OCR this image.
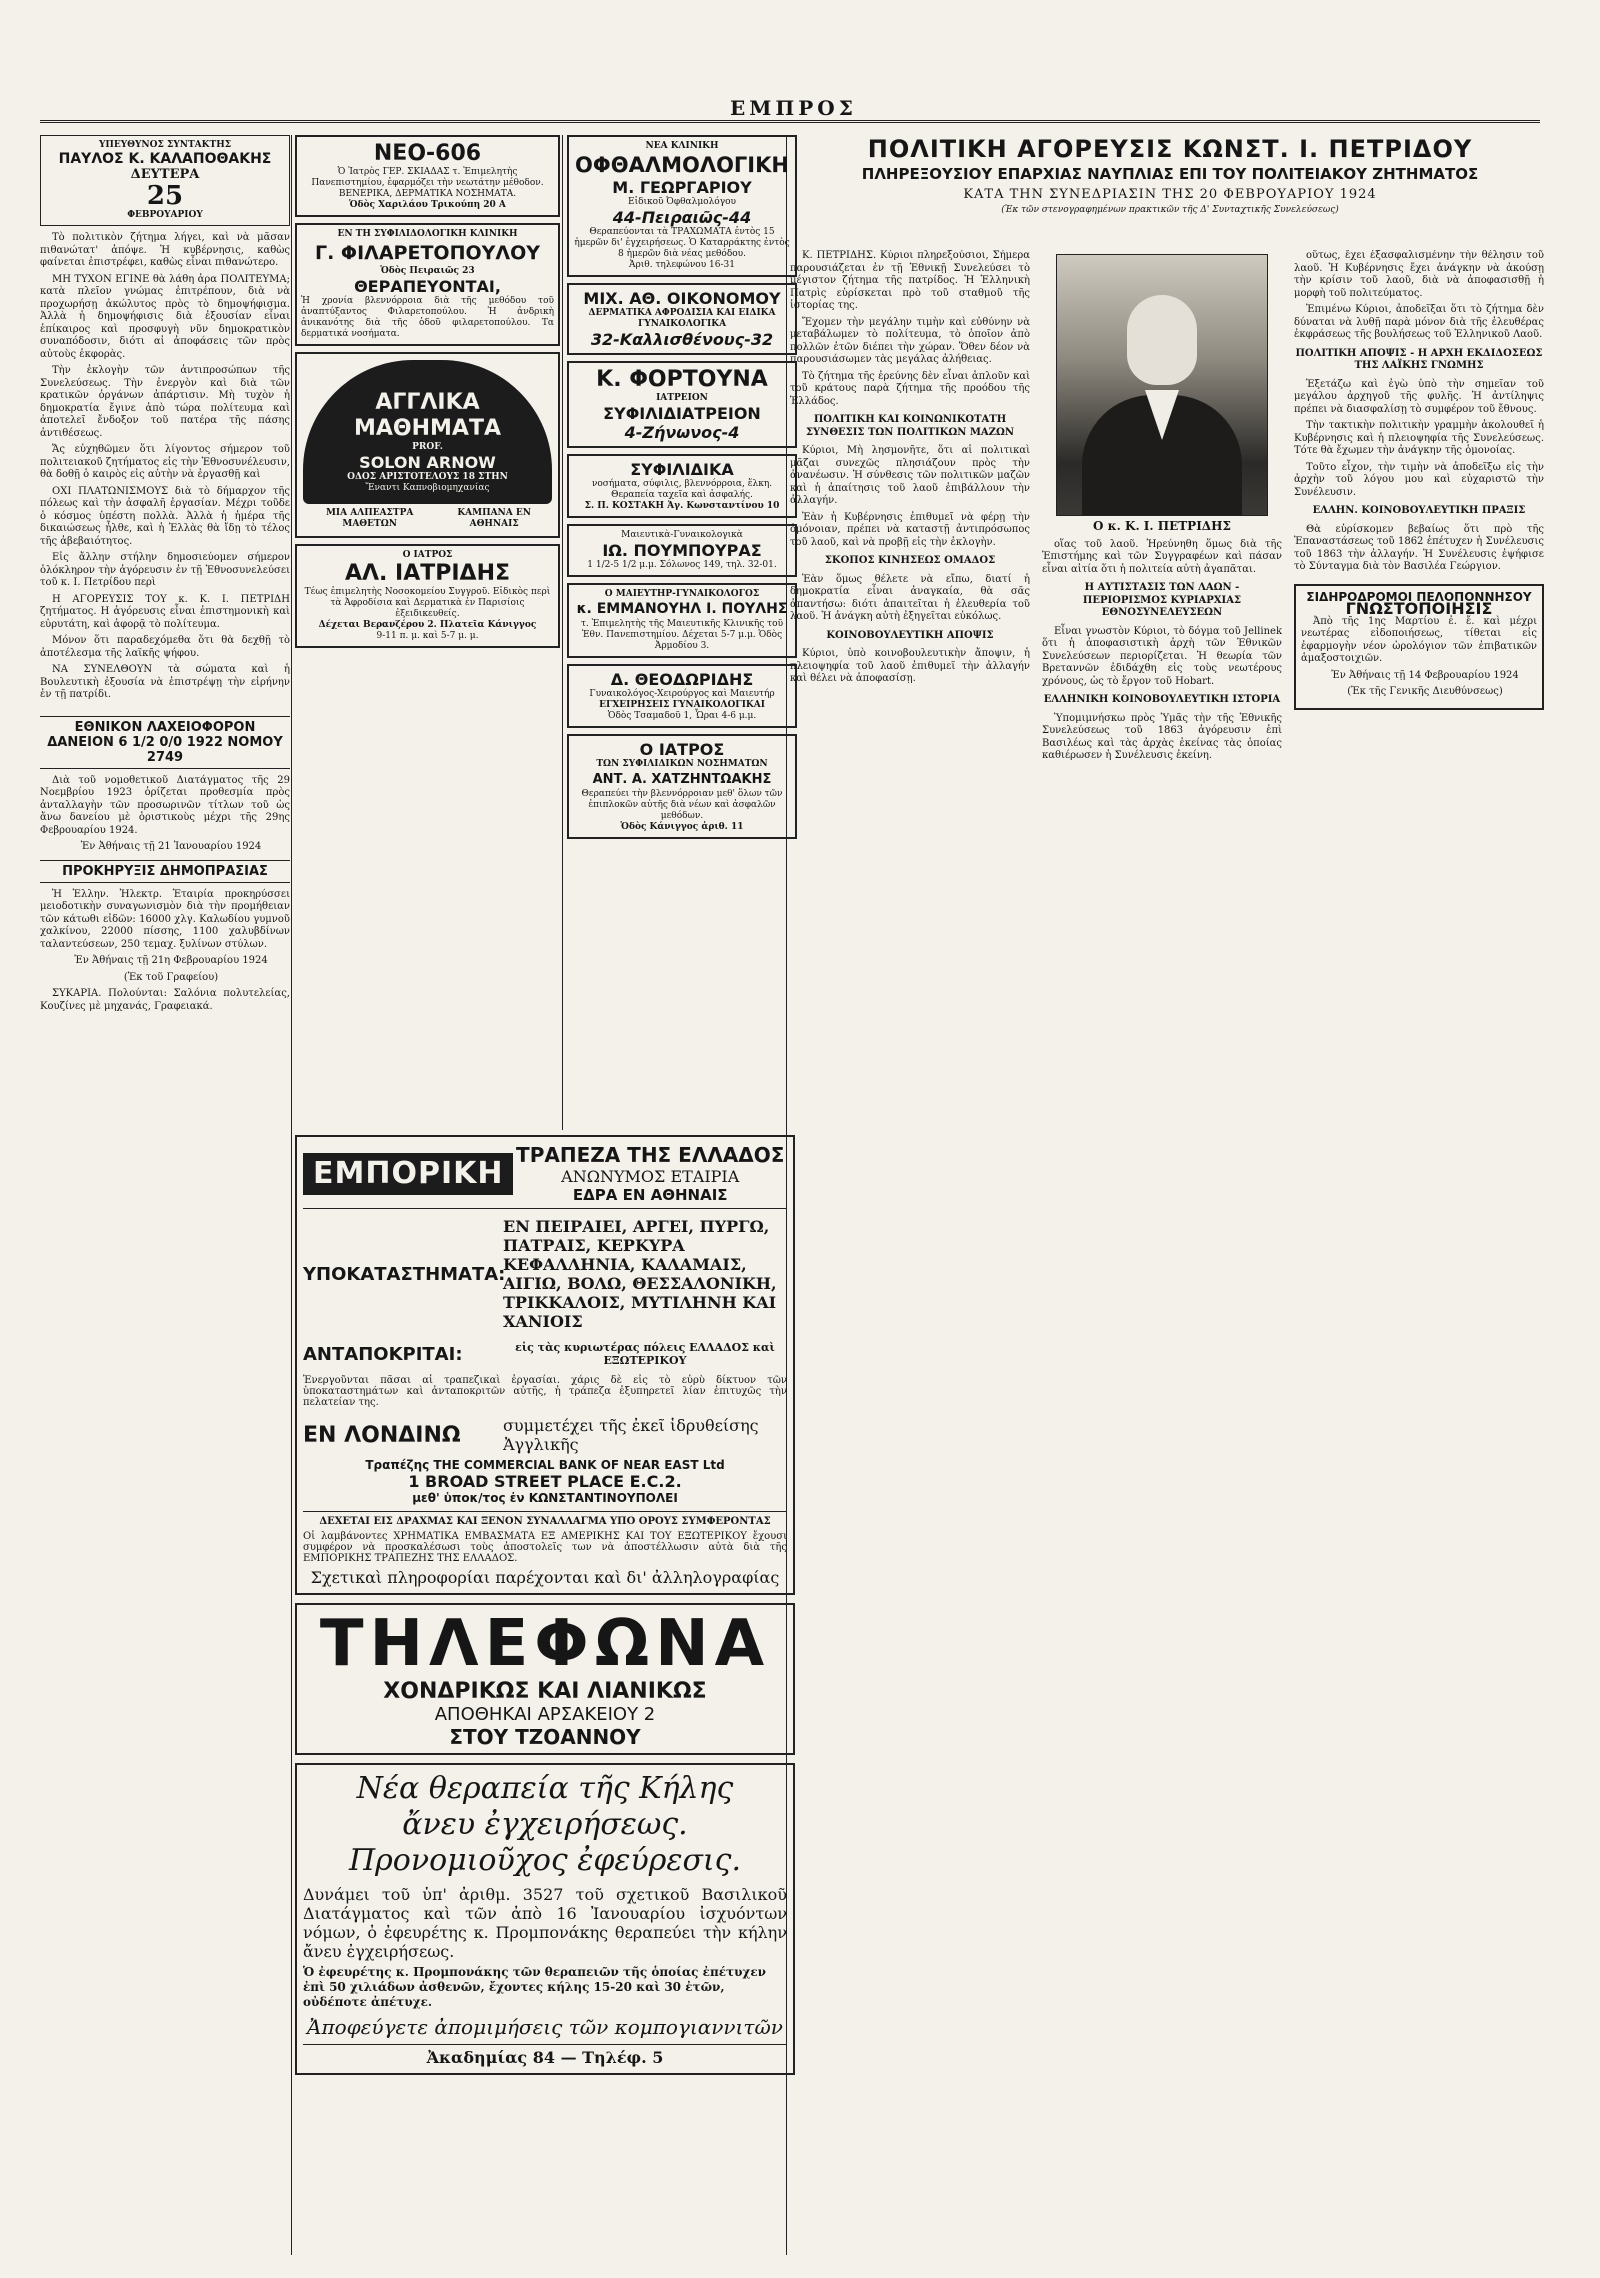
ΕΜΠΡΟΣ
ΥΠΕΥΘΥΝΟΣ ΣΥΝΤΑΚΤΗΣ
ΠΑΥΛΟΣ Κ. ΚΑΛΑΠΟΘΑΚΗΣ
ΔΕΥΤΕΡΑ
25
ΦΕΒΡΟΥΑΡΙΟΥ

Τὸ πολιτικὸν ζήτημα λήγει, καὶ νὰ μᾶσαν πιθανώτατ' ἀπόψε. Ἡ κυβέρνησις, καθὼς φαίνεται ἐπιστρέφει, καθὼς εἶναι πιθανώτερο.

ΜΗ ΤΥΧΟΝ ΕΓΙΝΕ θὰ λάθη ἀρα ΠΟΛΙΤΕΥΜΑ; κατὰ πλεῖον γνώμας ἐπιτρέπουν, διὰ νὰ προχωρήσῃ ἀκώλυτος πρὸς τὸ δημοψήφισμα. Ἀλλὰ ἡ δημοψήφισις διὰ ἐξουσίαν εἶναι ἐπίκαιρος καὶ προσφυγὴ νῦν δημοκρατικὸν συναπόδοσιν, διότι αἱ ἀποφάσεις τῶν πρὸς αὐτοὺς ἐκφορὰς.

Τὴν ἐκλογὴν τῶν ἀντιπροσώπων τῆς Συνελεύσεως. Τὴν ἐνεργὸν καὶ διὰ τῶν κρατικῶν ὀργάνων ἀπάρτισιν. Μὴ τυχὸν ἡ δημοκρατία ἔγινε ἀπὸ τώρα πολίτευμα καὶ ἀποτελεῖ ἔνδοξον τοῦ πατέρα τῆς πάσης ἀντιθέσεως.

Ἄς εὐχηθῶμεν ὅτι λίγοντος σήμερον τοῦ πολιτειακοῦ ζητήματος εἰς τὴν Ἐθνοσυνέλευσιν, θὰ δοθῇ ὁ καιρὸς εἰς αὐτὴν νὰ ἐργασθῇ καὶ

ΟΧΙ ΠΛΑΤΩΝΙΣΜΟΥΣ διὰ τὸ δήμαρχον τῆς πόλεως καὶ τὴν ἀσφαλῆ ἐργασίαν. Μέχρι τοῦδε ὁ κόσμος ὑπέστη πολλὰ. Ἀλλὰ ἡ ἡμέρα τῆς δικαιώσεως ἦλθε, καὶ ἡ Ἑλλὰς θὰ ἴδῃ τὸ τέλος τῆς ἀβεβαιότητος.

Εἰς ἄλλην στήλην δημοσιεύομεν σήμερον ὁλόκληρον τὴν ἀγόρευσιν ἐν τῇ Ἐθνοσυνελεύσει τοῦ κ. Ι. Πετρίδου περὶ

Η ΑΓΟΡΕΥΣΙΣ ΤΟΥ κ. Κ. Ι. ΠΕΤΡΙΔΗ ζητήματος. Η ἀγόρευσις εἶναι ἐπιστημονικὴ καὶ εὐρυτάτη, καὶ ἀφορᾷ τὸ πολίτευμα.

Μόνον ὅτι παραδεχόμεθα ὅτι θὰ δεχθῇ τὸ ἀποτέλεσμα τῆς λαϊκῆς ψήφου.

ΝΑ ΣΥΝΕΛΘΟΥΝ τὰ σώματα καὶ ἡ Βουλευτικὴ ἐξουσία νὰ ἐπιστρέψῃ τὴν εἰρήνην ἐν τῇ πατρίδι.

ΕΘΝΙΚΟΝ ΛΑΧΕΙΟΦΟΡΟΝ
ΔΑΝΕΙΟΝ 6 1/2 0/0 1922 ΝΟΜΟΥ 2749

Διὰ τοῦ νομοθετικοῦ Διατάγματος τῆς 29 Νοεμβρίου 1923 ὁρίζεται προθεσμία πρὸς ἀνταλλαγὴν τῶν προσωρινῶν τίτλων τοῦ ὡς ἄνω δανείου μὲ ὁριστικοὺς μέχρι τῆς 29ης Φεβρουαρίου 1924.

Ἐν Ἀθήναις τῇ 21 Ἰανουαρίου 1924

ΠΡΟΚΗΡΥΞΙΣ ΔΗΜΟΠΡΑΣΙΑΣ

Ἡ Ἑλλην. Ἠλεκτρ. Ἑταιρία προκηρύσσει μειοδοτικὴν συναγωνισμὸν διὰ τὴν προμήθειαν τῶν κάτωθι εἰδῶν: 16000 χλγ. Καλωδίου γυμνοῦ χαλκίνου, 22000 πίσσης, 1100 χαλυβδίνων ταλαντεύσεων, 250 τεμαχ. ξυλίνων στύλων.

Ἐν Ἀθήναις τῇ 21η Φεβρουαρίου 1924

(Ἐκ τοῦ Γραφείου)

ΣΥΚΑΡΙΑ. Πολούνται: Σαλόνια πολυτελείας, Κουζίνες μὲ μηχανάς, Γραφειακά.

ΝΕΟ-606
Ὁ Ἰατρὸς ΓΕΡ. ΣΚΙΑΔΑΣ τ. Ἐπιμελητὴς Πανεπιστημίου, ἐφαρμόζει τὴν νεωτάτην μέθοδον. ΒΕΝΕΡΙΚΑ, ΔΕΡΜΑΤΙΚΑ ΝΟΣΗΜΑΤΑ.
Ὁδὸς Χαριλάου Τρικούπη 20 Α
ΕΝ ΤΗ ΣΥΦΙΛΙΔΟΛΟΓΙΚΗ ΚΛΙΝΙΚΗ
Γ. ΦΙΛΑΡΕΤΟΠΟΥΛΟΥ
Ὁδὸς Πειραιῶς 23
ΘΕΡΑΠΕΥΟΝΤΑΙ,
Ἡ χρονία βλεννόρροια διὰ τῆς μεθόδου τοῦ ἀναπτύξαντος Φιλαρετοπούλου. Ἡ ἀνδρικὴ ἀνικανότης διὰ τῆς ὁδοῦ φιλαρετοπούλου. Τα δερματικά νοσήματα.
ΑΓΓΛΙΚΑ ΜΑΘΗΜΑΤΑ
PROF.
SOLON ARNOW
ΟΔΟΣ ΑΡΙΣΤΟΤΕΛΟΥΣ 18 ΣΤΗΝ
Ἔναντι Καπνοβιομηχανίας
ΜΙΑ ΑΛΠΕΑΣΤΡΑ ΜΑΘΕΤΩΝ
ΚΑΜΠΑΝΑ ΕΝ ΑΘΗΝΑΙΣ
Ο ΙΑΤΡΟΣ
ΑΛ. ΙΑΤΡΙΔΗΣ
Τέως ἐπιμελητὴς Νοσοκομείου Συγγροῦ. Εἰδικὸς περὶ τὰ Ἀφροδίσια καὶ Δερματικὰ ἐν Παρισίοις ἐξειδικευθείς.
Δέχεται Βερανζέρου 2. Πλατεῖα Κάνιγγος
9-11 π. μ. καὶ 5-7 μ. μ.
ΝΕΑ ΚΛΙΝΙΚΗ
ΟΦΘΑΛΜΟΛΟΓΙΚΗ
Μ. ΓΕΩΡΓΑΡΙΟΥ
Εἰδικοῦ Ὀφθαλμολόγου
44-Πειραιῶς-44
Θεραπεύονται τὰ ΤΡΑΧΩΜΑΤΑ ἐντὸς 15 ἡμερῶν δι' ἐγχειρήσεως. Ὁ Καταρράκτης ἐντὸς 8 ἡμερῶν διὰ νέας μεθόδου.
Ἀριθ. τηλεφώνου 16-31
ΜΙΧ. ΑΘ. ΟΙΚΟΝΟΜΟΥ
ΔΕΡΜΑΤΙΚΑ ΑΦΡΟΔΙΣΙΑ ΚΑΙ ΕΙΔΙΚΑ ΓΥΝΑΙΚΟΛΟΓΙΚΑ
32-Καλλισθένους-32
Κ. ΦΟΡΤΟΥΝΑ
ΙΑΤΡΕΙΟΝ
ΣΥΦΙΛΙΔΙΑΤΡΕΙΟΝ
4-Ζήνωνος-4
ΣΥΦΙΛΙΔΙΚΑ
νοσήματα, σύφιλις, βλεννόρροια, ἕλκη. Θεραπεία ταχεῖα καὶ ἀσφαλής.
Σ. Π. ΚΟΣΤΑΚΗ Ἀγ. Κωνσταντίνου 10
Μαιευτικὰ-Γυναικολογικὰ
ΙΩ. ΠΟΥΜΠΟΥΡΑΣ
1 1/2-5 1/2 μ.μ. Σόλωνος 149, τηλ. 32-01.
Ο ΜΑΙΕΥΤΗΡ-ΓΥΝΑΙΚΟΛΟΓΟΣ
κ. ΕΜΜΑΝΟΥΗΛ Ι. ΠΟΥΛΗΣ
τ. Ἐπιμελητὴς τῆς Μαιευτικῆς Κλινικῆς τοῦ Ἐθν. Πανεπιστημίου. Δέχεται 5-7 μ.μ. Ὁδὸς Ἀρμοδίου 3.
Δ. ΘΕΟΔΩΡΙΔΗΣ
Γυναικολόγος-Χειρούργος καὶ Μαιευτήρ
ΕΓΧΕΙΡΗΣΕΙΣ ΓΥΝΑΙΚΟΛΟΓΙΚΑΙ
Ὁδὸς Τσαμαδοῦ 1, Ὧραι 4-6 μ.μ.
Ο ΙΑΤΡΟΣ
ΤΩΝ ΣΥΦΙΛΙΔΙΚΩΝ ΝΟΣΗΜΑΤΩΝ
ΑΝΤ. Α. ΧΑΤΖΗΝΤΩΑΚΗΣ
Θεραπεύει τὴν βλεννόρροιαν μεθ' ὅλων τῶν ἐπιπλοκῶν αὐτῆς διὰ νέων καὶ ἀσφαλῶν μεθόδων.
Ὁδὸς Κάνιγγος ἀριθ. 11
ΕΜΠΟΡΙΚΗ
ΤΡΑΠΕΖΑ ΤΗΣ ΕΛΛΑΔΟΣ
ΑΝΩΝΥΜΟΣ ΕΤΑΙΡΙΑ
ΕΔΡΑ ΕΝ ΑΘΗΝΑΙΣ
ΥΠΟΚΑΤΑΣΤΗΜΑΤΑ:
ΕΝ ΠΕΙΡΑΙΕΙ, ΑΡΓΕΙ, ΠΥΡΓΩ, ΠΑΤΡΑΙΣ, ΚΕΡΚΥΡΑ ΚΕΦΑΛΛΗΝΙΑ, ΚΑΛΑΜΑΙΣ, ΑΙΓΙΩ, ΒΟΛΩ, ΘΕΣΣΑΛΟΝΙΚΗ, ΤΡΙΚΚΑΛΟΙΣ, ΜΥΤΙΛΗΝΗ ΚΑΙ ΧΑΝΙΟΙΣ
ΑΝΤΑΠΟΚΡΙΤΑΙ:	εἰς τὰς κυριωτέρας πόλεις ΕΛΛΑΔΟΣ καὶ ΕΞΩΤΕΡΙΚΟΥ
Ἐνεργοῦνται πᾶσαι αἱ τραπεζικαὶ ἐργασίαι. χάρις δὲ εἰς τὸ εὐρὺ δίκτυον τῶν ὑποκαταστημάτων καὶ ἀνταποκριτῶν αὐτῆς, ἡ τράπεζα ἐξυπηρετεῖ λίαν ἐπιτυχῶς τὴν πελατείαν της.
ΕΝ ΛΟΝΔΙΝΩ	συμμετέχει τῆς ἐκεῖ ἱδρυθείσης Ἀγγλικῆς
Τραπέζης THE COMMERCIAL BANK OF NEAR EAST Ltd
1 BROAD STREET PLACE E.C.2.
μεθ' ὑποκ/τος ἐν ΚΩΝΣΤΑΝΤΙΝΟΥΠΟΛΕΙ
ΔΕΧΕΤΑΙ ΕΙΣ ΔΡΑΧΜΑΣ ΚΑΙ ΞΕΝΟΝ ΣΥΝΑΛΛΑΓΜΑ ΥΠΟ ΟΡΟΥΣ ΣΥΜΦΕΡΟΝΤΑΣ
Οἱ λαμβάνοντες ΧΡΗΜΑΤΙΚΑ ΕΜΒΑΣΜΑΤΑ ΕΞ ΑΜΕΡΙΚΗΣ ΚΑΙ ΤΟΥ ΕΞΩΤΕΡΙΚΟΥ ἔχουσι συμφέρον νὰ προσκαλέσωσι τοὺς ἀποστολεῖς των νὰ ἀποστέλλωσιν αὐτὰ διὰ τῆς ΕΜΠΟΡΙΚΗΣ ΤΡΑΠΕΖΗΣ ΤΗΣ ΕΛΛΑΔΟΣ.
Σχετικαὶ πληροφορίαι παρέχονται καὶ δι' ἀλληλογραφίας
ΤΗΛΕΦΩΝΑ
ΧΟΝΔΡΙΚΩΣ ΚΑΙ ΛΙΑΝΙΚΩΣ
ΑΠΟΘΗΚΑΙ ΑΡΣΑΚΕΙΟΥ 2
ΣΤΟΥ ΤΖΟΑΝΝΟΥ
Νέα θεραπεία τῆς Κήλης
ἄνευ ἐγχειρήσεως.
Προνομιοῦχος ἐφεύρεσις.
Δυνάμει τοῦ ὑπ' ἀριθμ. 3527 τοῦ σχετικοῦ Βασιλικοῦ Διατάγματος καὶ τῶν ἀπὸ 16 Ἰανουαρίου ἰσχυόντων νόμων, ὁ ἐφευρέτης κ. Προμπονάκης θεραπεύει τὴν κήλην ἄνευ ἐγχειρήσεως.
Ὁ ἐφευρέτης κ. Προμπονάκης τῶν θεραπειῶν τῆς ὁποίας ἐπέτυχεν ἐπὶ 50 χιλιάδων ἀσθενῶν, ἔχοντες κήλης 15-20 καὶ 30 ἐτῶν, οὐδέποτε ἀπέτυχε.
Ἀποφεύγετε ἀπομιμήσεις τῶν κομπογιαννιτῶν
Ἀκαδημίας 84 — Τηλέφ. 5
ΠΟΛΙΤΙΚΗ ΑΓΟΡΕΥΣΙΣ ΚΩΝΣΤ. Ι. ΠΕΤΡΙΔΟΥ
ΠΛΗΡΕΞΟΥΣΙΟΥ ΕΠΑΡΧΙΑΣ ΝΑΥΠΛΙΑΣ ΕΠΙ ΤΟΥ ΠΟΛΙΤΕΙΑΚΟΥ ΖΗΤΗΜΑΤΟΣ
ΚΑΤΑ ΤΗΝ ΣΥΝΕΔΡΙΑΣΙΝ ΤΗΣ 20 ΦΕΒΡΟΥΑΡΙΟΥ 1924
(Ἐκ τῶν στενογραφημένων πρακτικῶν τῆς Δ' Συνταχτικῆς Συνελεύσεως)

Κ. ΠΕΤΡΙΔΗΣ. Κύριοι πληρεξούσιοι, Σήμερα παρουσιάζεται ἐν τῇ Ἐθνικῇ Συνελεύσει τὸ μέγιστον ζήτημα τῆς πατρίδος. Ἡ Ἑλληνικὴ Πατρὶς εὑρίσκεται πρὸ τοῦ σταθμοῦ τῆς ἱστορίας της.

Ἔχομεν τὴν μεγάλην τιμὴν καὶ εὐθύνην νὰ μεταβάλωμεν τὸ πολίτευμα, τὸ ὁποῖον ἀπὸ πολλῶν ἐτῶν διέπει τὴν χώραν. Ὅθεν δέον νὰ παρουσιάσωμεν τὰς μεγάλας ἀλήθειας.

Τὸ ζήτημα τῆς ἐρεύνης δὲν εἶναι ἁπλοῦν καὶ τοῦ κράτους παρὰ ζήτημα τῆς προόδου τῆς Ἑλλάδος.

ΠΟΛΙΤΙΚΗ ΚΑΙ ΚΟΙΝΩΝΙΚΟΤΑΤΗ ΣΥΝΘΕΣΙΣ ΤΩΝ ΠΟΛΙΤΙΚΩΝ ΜΑΖΩΝ

Κύριοι, Μὴ λησμονῆτε, ὅτι αἱ πολιτικαὶ μᾶζαι συνεχῶς πλησιάζουν πρὸς τὴν ἀνανέωσιν. Ἡ σύνθεσις τῶν πολιτικῶν μαζῶν καὶ ἡ ἀπαίτησις τοῦ λαοῦ ἐπιβάλλουν τὴν ἀλλαγήν.

Ἐὰν ἡ Κυβέρνησις ἐπιθυμεῖ νὰ φέρῃ τὴν ὁμόνοιαν, πρέπει νὰ καταστῇ ἀντιπρόσωπος τοῦ λαοῦ, καὶ νὰ προβῇ εἰς τὴν ἐκλογὴν.

ΣΚΟΠΟΣ ΚΙΝΗΣΕΩΣ ΟΜΑΔΟΣ

Ἐὰν ὅμως θέλετε νὰ εἴπω, διατί ἡ δημοκρατία εἶναι ἀναγκαία, θὰ σᾶς ἀπαντήσω: διότι ἀπαιτεῖται ἡ ἐλευθερία τοῦ λαοῦ. Ἡ ἀνάγκη αὐτὴ ἐξηγεῖται εὐκόλως.

ΚΟΙΝΟΒΟΥΛΕΥΤΙΚΗ ΑΠΟΨΙΣ

Κύριοι, ὑπὸ κοινοβουλευτικὴν ἄποψιν, ἡ πλειοψηφία τοῦ λαοῦ ἐπιθυμεῖ τὴν ἀλλαγήν καὶ θέλει νὰ ἀποφασίσῃ.

Ο κ. Κ. Ι. ΠΕΤΡΙΔΗΣ

οἵας τοῦ λαοῦ. Ἠρεύνηθη ὅμως διὰ τῆς Ἐπιστήμης καὶ τῶν Συγγραφέων καὶ πάσαν εἶναι αἰτία ὅτι ἡ πολιτεία αὐτὴ ἀγαπᾶται.

Η ΑΥΤΙΣΤΑΣΙΣ ΤΩΝ ΛΑΩΝ - ΠΕΡΙΟΡΙΣΜΟΣ ΚΥΡΙΑΡΧΙΑΣ ΕΘΝΟΣΥΝΕΛΕΥΣΕΩΝ

Εἶναι γνωστὸν Κύριοι, τὸ δόγμα τοῦ Jellinek ὅτι ἡ ἀποφασιστικὴ ἀρχὴ τῶν Ἐθνικῶν Συνελεύσεων περιορίζεται. Ἡ θεωρία τῶν Βρεταννῶν ἐδιδάχθη εἰς τοὺς νεωτέρους χρόνους, ὡς τὸ ἔργον τοῦ Hobart.

ΕΛΛΗΝΙΚΗ ΚΟΙΝΟΒΟΥΛΕΥΤΙΚΗ ΙΣΤΟΡΙΑ

Ὑπομιμνήσκω πρὸς Ὑμᾶς τὴν τῆς Ἐθνικῆς Συνελεύσεως τοῦ 1863 ἀγόρευσιν ἐπὶ Βασιλέως καὶ τὰς ἀρχὰς ἐκείνας τὰς ὁποίας καθιέρωσεν ἡ Συνέλευσις ἐκείνη.

οὕτως, ἔχει ἐξασφαλισμένην τὴν θέλησιν τοῦ λαοῦ. Ἡ Κυβέρνησις ἔχει ἀνάγκην νὰ ἀκούσῃ τὴν κρίσιν τοῦ λαοῦ, διὰ νὰ ἀποφασισθῇ ἡ μορφὴ τοῦ πολιτεύματος.

Ἐπιμένω Κύριοι, ἀποδεῖξαι ὅτι τὸ ζήτημα δὲν δύναται νὰ λυθῇ παρὰ μόνον διὰ τῆς ἐλευθέρας ἐκφράσεως τῆς βουλήσεως τοῦ Ἑλληνικοῦ Λαοῦ.

ΠΟΛΙΤΙΚΗ ΑΠΟΨΙΣ - Η ΑΡΧΗ ΕΚΔΙΔΟΣΕΩΣ ΤΗΣ ΛΑΪΚΗΣ ΓΝΩΜΗΣ

Ἐξετάζω καὶ ἐγὼ ὑπὸ τὴν σημεῖαν τοῦ μεγάλου ἀρχηγοῦ τῆς φυλῆς. Ἡ ἀντίληψις πρέπει νὰ διασφαλίσῃ τὸ συμφέρον τοῦ ἔθνους.

Τὴν τακτικὴν πολιτικὴν γραμμὴν ἀκολουθεῖ ἡ Κυβέρνησις καὶ ἡ πλειοψηφία τῆς Συνελεύσεως. Τότε θὰ ἔχωμεν τὴν ἀνάγκην τῆς ὁμονοίας.

Τοῦτο εἶχον, τὴν τιμὴν νὰ ἀποδεῖξω εἰς τὴν ἀρχὴν τοῦ λόγου μου καὶ εὐχαριστῶ τὴν Συνέλευσιν.

ΕΛΛΗΝ. ΚΟΙΝΟΒΟΥΛΕΥΤΙΚΗ ΠΡΑΞΙΣ

Θὰ εὑρίσκομεν βεβαίως ὅτι πρὸ τῆς Ἐπαναστάσεως τοῦ 1862 ἐπέτυχεν ἡ Συνέλευσις τοῦ 1863 τὴν ἀλλαγήν. Ἡ Συνέλευσις ἐψήφισε τὸ Σύνταγμα διὰ τὸν Βασιλέα Γεώργιον.

ΣΙΔΗΡΟΔΡΟΜΟΙ ΠΕΛΟΠΟΝΝΗΣΟΥ
ΓΝΩΣΤΟΠΟΙΗΣΙΣ

Ἀπὸ τῆς 1ης Μαρτίου ἐ. ἔ. καὶ μέχρι νεωτέρας εἰδοποιήσεως, τίθεται εἰς ἐφαρμογὴν νέον ὡρολόγιον τῶν ἐπιβατικῶν ἁμαξοστοιχιῶν.

Ἐν Ἀθήναις τῇ 14 Φεβρουαρίου 1924

(Ἐκ τῆς Γενικῆς Διευθύνσεως)
